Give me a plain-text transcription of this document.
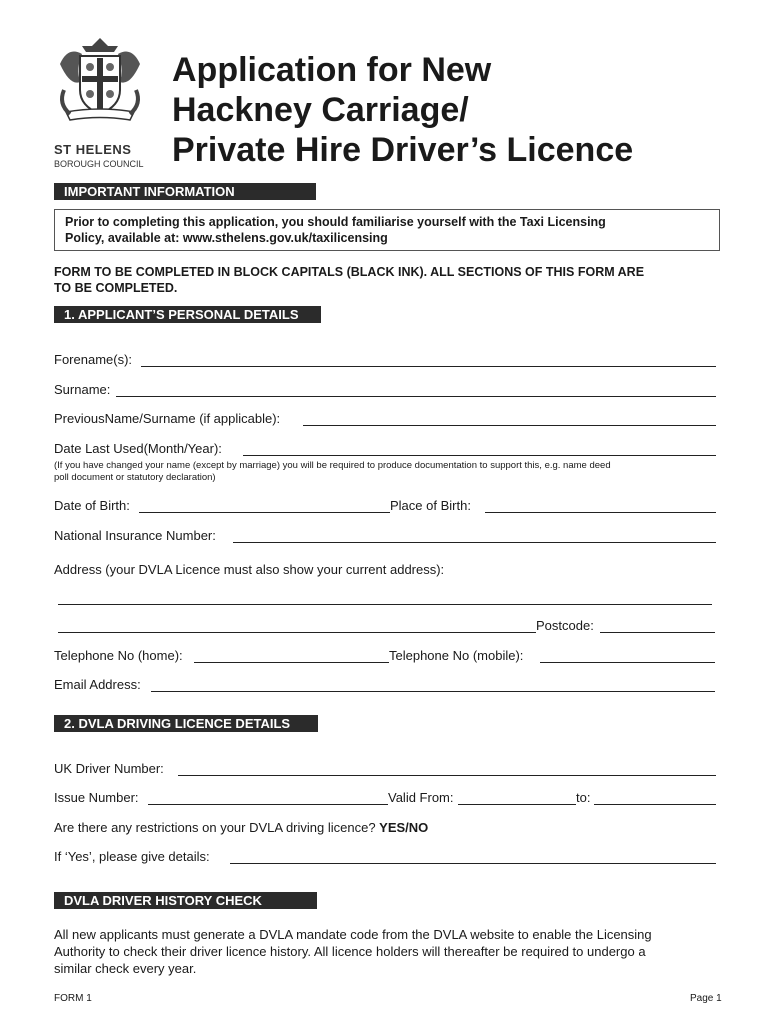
ST HELENS
BOROUGH COUNCIL
Application for New
Hackney Carriage/
Private Hire Driver’s Licence
IMPORTANT INFORMATION
Prior to completing this application, you should familiarise yourself with the Taxi Licensing
Policy, available at: www.sthelens.gov.uk/taxilicensing
FORM TO BE COMPLETED IN BLOCK CAPITALS (BLACK INK). ALL SECTIONS OF THIS FORM ARE
TO BE COMPLETED.
1. APPLICANT’S PERSONAL DETAILS
Forename(s):
Surname:
PreviousName/Surname (if applicable):
Date Last Used(Month/Year):
(If you have changed your name (except by marriage) you will be required to produce documentation to support this, e.g. name deed
poll document or statutory declaration)
Date of Birth:	Place of Birth:
National Insurance Number:
Address (your DVLA Licence must also show your current address):
Postcode:
Telephone No (home):	Telephone No (mobile):
Email Address:
2. DVLA DRIVING LICENCE DETAILS
UK Driver Number:
Issue Number:	Valid From:	to:
Are there any restrictions on your DVLA driving licence? YES/NO
If ‘Yes’, please give details:
DVLA DRIVER HISTORY CHECK
All new applicants must generate a DVLA mandate code from the DVLA website to enable the Licensing
Authority to check their driver licence history. All licence holders will thereafter be required to undergo a
similar check every year.
FORM 1	Page 1
